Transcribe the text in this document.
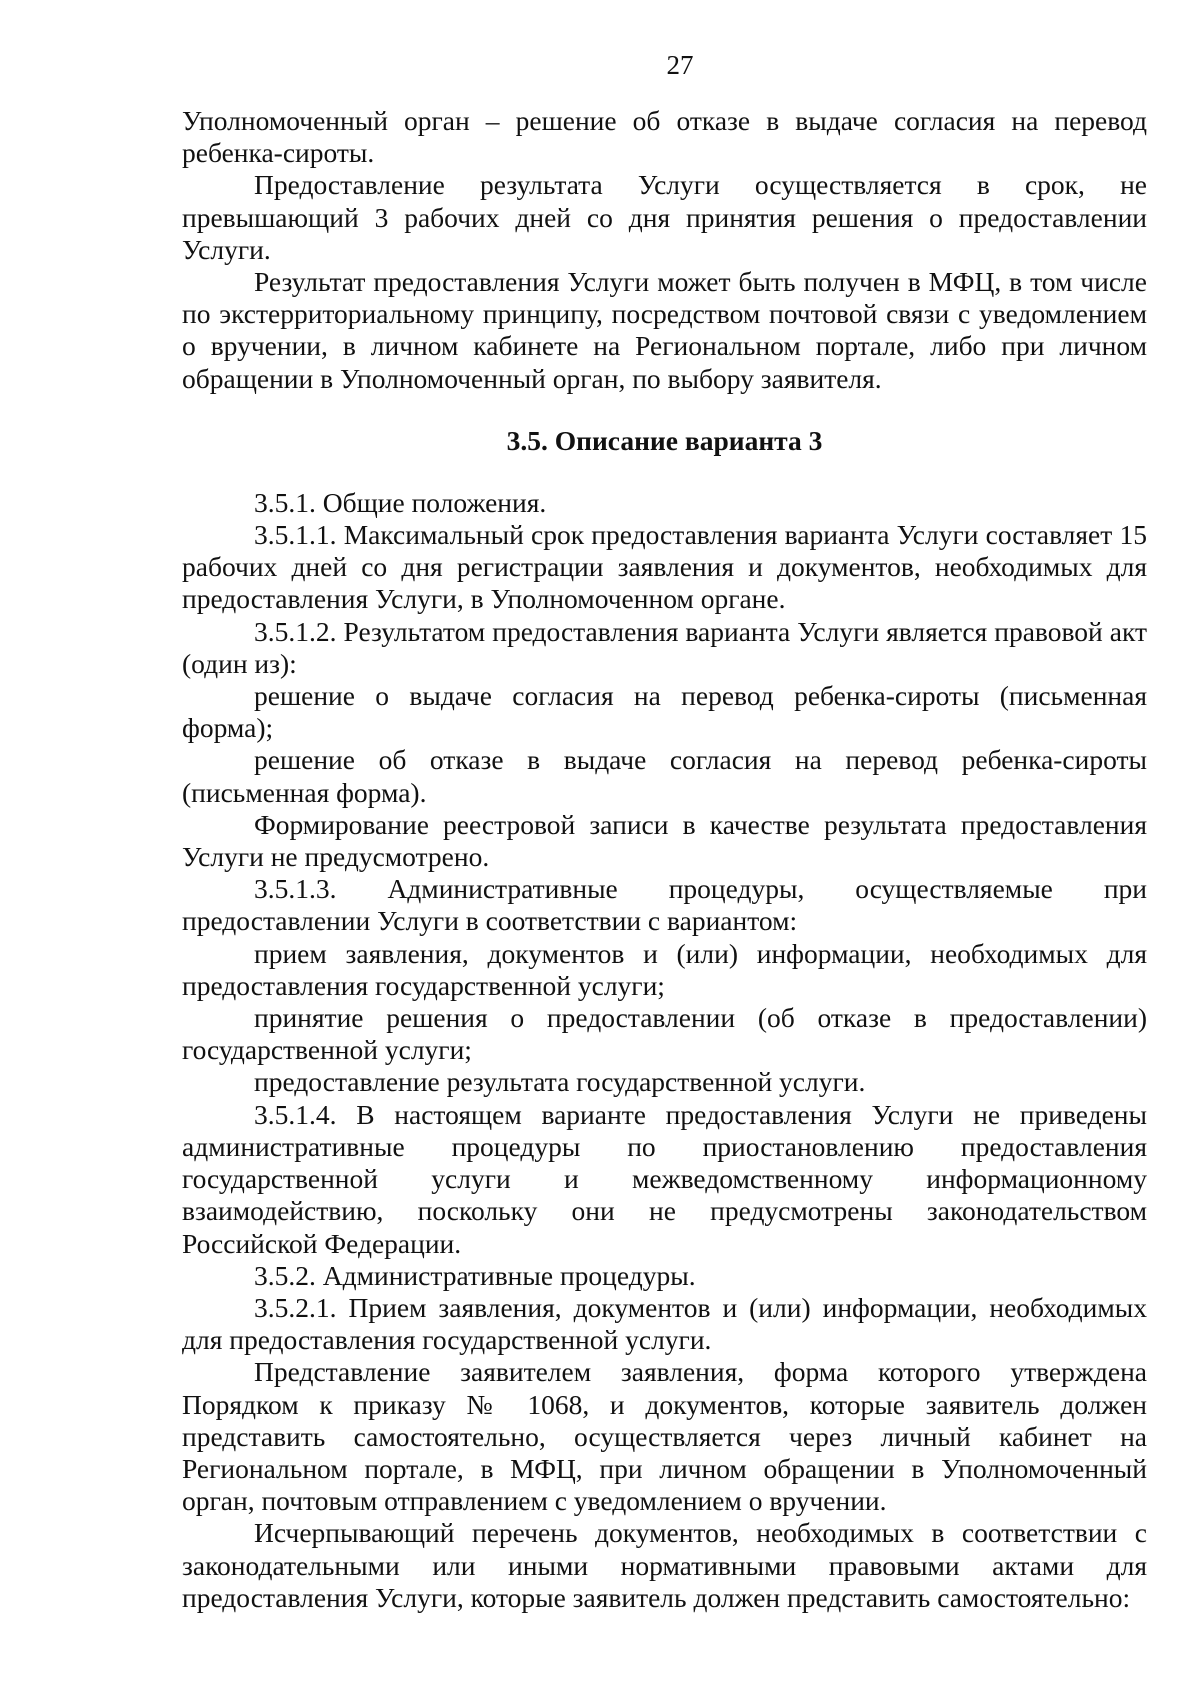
27

Уполномоченный орган – решение об отказе в выдаче согласия на перевод ребенка-сироты.

Предоставление результата Услуги осуществляется в срок, не превышающий 3 рабочих дней со дня принятия решения о предоставлении Услуги.

Результат предоставления Услуги может быть получен в МФЦ, в том числе по экстерриториальному принципу, посредством почтовой связи с уведомлением о вручении, в личном кабинете на Региональном портале, либо при личном обращении в Уполномоченный орган, по выбору заявителя.

3.5. Описание варианта 3

3.5.1. Общие положения.

3.5.1.1. Максимальный срок предоставления варианта Услуги составляет 15 рабочих дней со дня регистрации заявления и документов, необходимых для предоставления Услуги, в Уполномоченном органе.

3.5.1.2. Результатом предоставления варианта Услуги является правовой акт (один из):

решение о выдаче согласия на перевод ребенка-сироты (письменная форма);

решение об отказе в выдаче согласия на перевод ребенка-сироты (письменная форма).

Формирование реестровой записи в качестве результата предоставления Услуги не предусмотрено.

3.5.1.3. Административные процедуры, осуществляемые при предоставлении Услуги в соответствии с вариантом:

прием заявления, документов и (или) информации, необходимых для предоставления государственной услуги;

принятие решения о предоставлении (об отказе в предоставлении) государственной услуги;

предоставление результата государственной услуги.

3.5.1.4. В настоящем варианте предоставления Услуги не приведены административные процедуры по приостановлению предоставления государственной услуги и межведомственному информационному взаимодействию, поскольку они не предусмотрены законодательством Российской Федерации.

3.5.2. Административные процедуры.

3.5.2.1. Прием заявления, документов и (или) информации, необходимых для предоставления государственной услуги.

Представление заявителем заявления, форма которого утверждена Порядком к приказу № 1068, и документов, которые заявитель должен представить самостоятельно, осуществляется через личный кабинет на Региональном портале, в МФЦ, при личном обращении в Уполномоченный орган, почтовым отправлением с уведомлением о вручении.

Исчерпывающий перечень документов, необходимых в соответствии с законодательными или иными нормативными правовыми актами для предоставления Услуги, которые заявитель должен представить самостоятельно:
